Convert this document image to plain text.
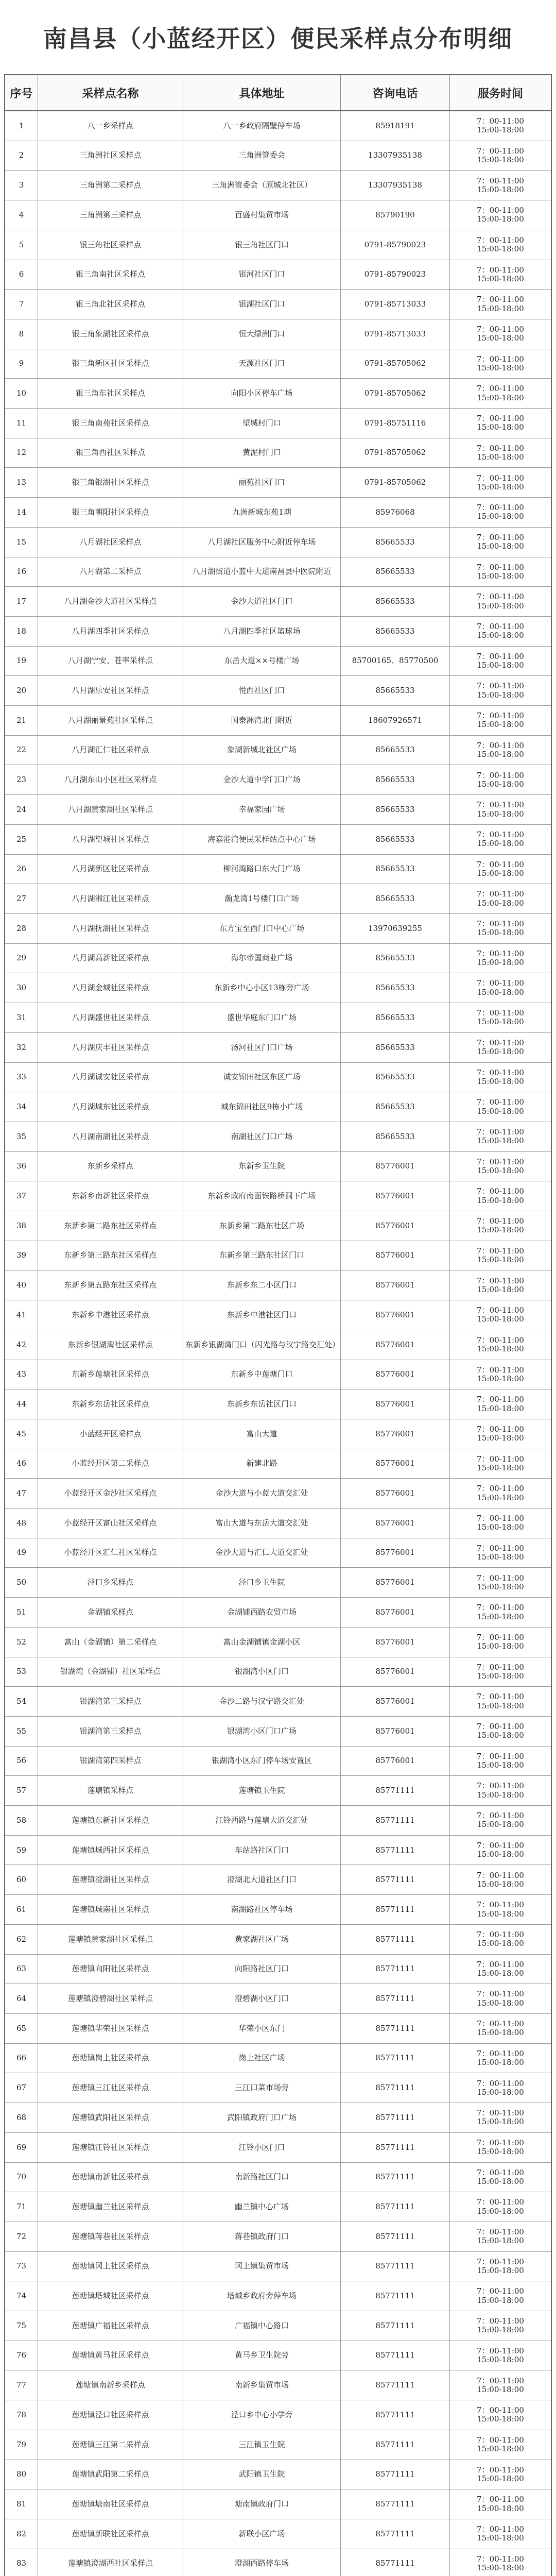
南昌县（小蓝经开区）便民采样点分布明细
序号	采样点名称	具体地址	咨询电话	服务时间
1	八一乡采样点	八一乡政府隔壁停车场	85918191	7：00-11:00
15:00-18:00
2	三角洲社区采样点	三角洲管委会	13307935138	7：00-11:00
15:00-18:00
3	三角洲第二采样点	三角洲管委会（原城北社区）	13307935138	7：00-11:00
15:00-18:00
4	三角洲第三采样点	百盛村集贸市场	85790190	7：00-11:00
15:00-18:00
5	银三角社区采样点	银三角社区门口	0791-85790023	7：00-11:00
15:00-18:00
6	银三角南社区采样点	银河社区门口	0791-85790023	7：00-11:00
15:00-18:00
7	银三角北社区采样点	银湖社区门口	0791-85713033	7：00-11:00
15:00-18:00
8	银三角象湖社区采样点	恒大绿洲门口	0791-85713033	7：00-11:00
15:00-18:00
9	银三角新区社区采样点	天源社区门口	0791-85705062	7：00-11:00
15:00-18:00
10	银三角东社区采样点	向阳小区停车广场	0791-85705062	7：00-11:00
15:00-18:00
11	银三角南苑社区采样点	望城村门口	0791-85751116	7：00-11:00
15:00-18:00
12	银三角西社区采样点	黄泥村门口	0791-85705062	7：00-11:00
15:00-18:00
13	银三角银湖社区采样点	丽苑社区门口	0791-85705062	7：00-11:00
15:00-18:00
14	银三角朝阳社区采样点	九洲新城东苑1期	85976068	7：00-11:00
15:00-18:00
15	八月湖社区采样点	八月湖社区服务中心附近停车场	85665533	7：00-11:00
15:00-18:00
16	八月湖第二采样点	八月湖街道小蓝中大道南昌县中医院附近	85665533	7：00-11:00
15:00-18:00
17	八月湖金沙大道社区采样点	金沙大道社区门口	85665533	7：00-11:00
15:00-18:00
18	八月湖四季社区采样点	八月湖四季社区篮球场	85665533	7：00-11:00
15:00-18:00
19	八月湖宁安、苍率采样点	东岳大道××号楼广场	85700165、85770500	7：00-11:00
15:00-18:00
20	八月湖乐安社区采样点	悦西社区门口	85665533	7：00-11:00
15:00-18:00
21	八月湖丽景苑社区采样点	国泰洲湾北门附近	18607926571	7：00-11:00
15:00-18:00
22	八月湖汇仁社区采样点	象湖新城北社区广场	85665533	7：00-11:00
15:00-18:00
23	八月湖东山小区社区采样点	金沙大道中学门口广场	85665533	7：00-11:00
15:00-18:00
24	八月湖黄家湖社区采样点	幸福家园广场	85665533	7：00-11:00
15:00-18:00
25	八月湖望城社区采样点	海嘉港湾便民采样站点中心广场	85665533	7：00-11:00
15:00-18:00
26	八月湖新区社区采样点	柳河湾路口东大门广场	85665533	7：00-11:00
15:00-18:00
27	八月湖湘江社区采样点	瀚龙湾1号楼门口广场	85665533	7：00-11:00
15:00-18:00
28	八月湖抚湖社区采样点	东方宝至西门口中心广场	13970639255	7：00-11:00
15:00-18:00
29	八月湖高新社区采样点	海尔帝国商业广场	85665533	7：00-11:00
15:00-18:00
30	八月湖金城社区采样点	东新乡中心小区13栋旁广场	85665533	7：00-11:00
15:00-18:00
31	八月湖盛世社区采样点	盛世华庭东门口广场	85665533	7：00-11:00
15:00-18:00
32	八月湖庆丰社区采样点	汤河社区门口广场	85665533	7：00-11:00
15:00-18:00
33	八月湖诚安社区采样点	诚安锦田社区东区广场	85665533	7：00-11:00
15:00-18:00
34	八月湖城东社区采样点	城东锦田社区9栋小广场	85665533	7：00-11:00
15:00-18:00
35	八月湖南湖社区采样点	南湖社区门口广场	85665533	7：00-11:00
15:00-18:00
36	东新乡采样点	东新乡卫生院	85776001	7：00-11:00
15:00-18:00
37	东新乡南新社区采样点	东新乡政府南面铁路桥洞下广场	85776001	7：00-11:00
15:00-18:00
38	东新乡第二路东社区采样点	东新乡第二路东社区广场	85776001	7：00-11:00
15:00-18:00
39	东新乡第三路东社区采样点	东新乡第三路东社区门口	85776001	7：00-11:00
15:00-18:00
40	东新乡第五路东社区采样点	东新乡东二小区门口	85776001	7：00-11:00
15:00-18:00
41	东新乡中港社区采样点	东新乡中港社区门口	85776001	7：00-11:00
15:00-18:00
42	东新乡银湖湾社区采样点	东新乡银湖湾门口（闪光路与汉宁路交汇处）	85776001	7：00-11:00
15:00-18:00
43	东新乡莲塘社区采样点	东新乡中莲塘门口	85776001	7：00-11:00
15:00-18:00
44	东新乡东岳社区采样点	东新乡东岳社区门口	85776001	7：00-11:00
15:00-18:00
45	小蓝经开区采样点	富山大道	85776001	7：00-11:00
15:00-18:00
46	小蓝经开区第二采样点	新建北路	85776001	7：00-11:00
15:00-18:00
47	小蓝经开区金沙社区采样点	金沙大道与小蓝大道交汇处	85776001	7：00-11:00
15:00-18:00
48	小蓝经开区富山社区采样点	富山大道与东岳大道交汇处	85776001	7：00-11:00
15:00-18:00
49	小蓝经开区汇仁社区采样点	金沙大道与汇仁大道交汇处	85776001	7：00-11:00
15:00-18:00
50	泾口乡采样点	泾口乡卫生院	85776001	7：00-11:00
15:00-18:00
51	金湖铺采样点	金湖铺西路农贸市场	85776001	7：00-11:00
15:00-18:00
52	富山（金湖铺）第二采样点	富山金湖铺镇金湖小区	85776001	7：00-11:00
15:00-18:00
53	银湖湾（金湖铺）社区采样点	银湖湾小区门口	85776001	7：00-11:00
15:00-18:00
54	银湖湾第三采样点	金沙二路与汉宁路交汇处	85776001	7：00-11:00
15:00-18:00
55	银湖湾第三采样点	银湖湾小区门口广场	85776001	7：00-11:00
15:00-18:00
56	银湖湾第四采样点	银湖湾小区东门停车场安置区	85776001	7：00-11:00
15:00-18:00
57	莲塘镇采样点	莲塘镇卫生院	85771111	7：00-11:00
15:00-18:00
58	莲塘镇东新社区采样点	江铃西路与莲塘大道交汇处	85771111	7：00-11:00
15:00-18:00
59	莲塘镇城西社区采样点	车站路社区门口	85771111	7：00-11:00
15:00-18:00
60	莲塘镇澄湖社区采样点	澄湖北大道社区门口	85771111	7：00-11:00
15:00-18:00
61	莲塘镇城南社区采样点	南湖路社区停车场	85771111	7：00-11:00
15:00-18:00
62	莲塘镇黄家湖社区采样点	黄家湖社区广场	85771111	7：00-11:00
15:00-18:00
63	莲塘镇向阳社区采样点	向阳路社区门口	85771111	7：00-11:00
15:00-18:00
64	莲塘镇澄碧湖社区采样点	澄碧湖小区门口	85771111	7：00-11:00
15:00-18:00
65	莲塘镇华荣社区采样点	华荣小区东门	85771111	7：00-11:00
15:00-18:00
66	莲塘镇岗上社区采样点	岗上社区广场	85771111	7：00-11:00
15:00-18:00
67	莲塘镇三江社区采样点	三江口菜市场旁	85771111	7：00-11:00
15:00-18:00
68	莲塘镇武阳社区采样点	武阳镇政府门口广场	85771111	7：00-11:00
15:00-18:00
69	莲塘镇江铃社区采样点	江铃小区门口	85771111	7：00-11:00
15:00-18:00
70	莲塘镇南新社区采样点	南新路社区门口	85771111	7：00-11:00
15:00-18:00
71	莲塘镇幽兰社区采样点	幽兰镇中心广场	85771111	7：00-11:00
15:00-18:00
72	莲塘镇蒋巷社区采样点	蒋巷镇政府门口	85771111	7：00-11:00
15:00-18:00
73	莲塘镇冈上社区采样点	冈上镇集贸市场	85771111	7：00-11:00
15:00-18:00
74	莲塘镇塔城社区采样点	塔城乡政府旁停车场	85771111	7：00-11:00
15:00-18:00
75	莲塘镇广福社区采样点	广福镇中心路口	85771111	7：00-11:00
15:00-18:00
76	莲塘镇黄马社区采样点	黄马乡卫生院旁	85771111	7：00-11:00
15:00-18:00
77	莲塘镇南新乡采样点	南新乡集贸市场	85771111	7：00-11:00
15:00-18:00
78	莲塘镇泾口社区采样点	泾口乡中心小学旁	85771111	7：00-11:00
15:00-18:00
79	莲塘镇三江第二采样点	三江镇卫生院	85771111	7：00-11:00
15:00-18:00
80	莲塘镇武阳第二采样点	武阳镇卫生院	85771111	7：00-11:00
15:00-18:00
81	莲塘镇塘南社区采样点	塘南镇政府门口	85771111	7：00-11:00
15:00-18:00
82	莲塘镇新联社区采样点	新联小区广场	85771111	7：00-11:00
15:00-18:00
83	莲塘镇澄湖西社区采样点	澄湖西路停车场	85771111	7：00-11:00
15:00-18:00
